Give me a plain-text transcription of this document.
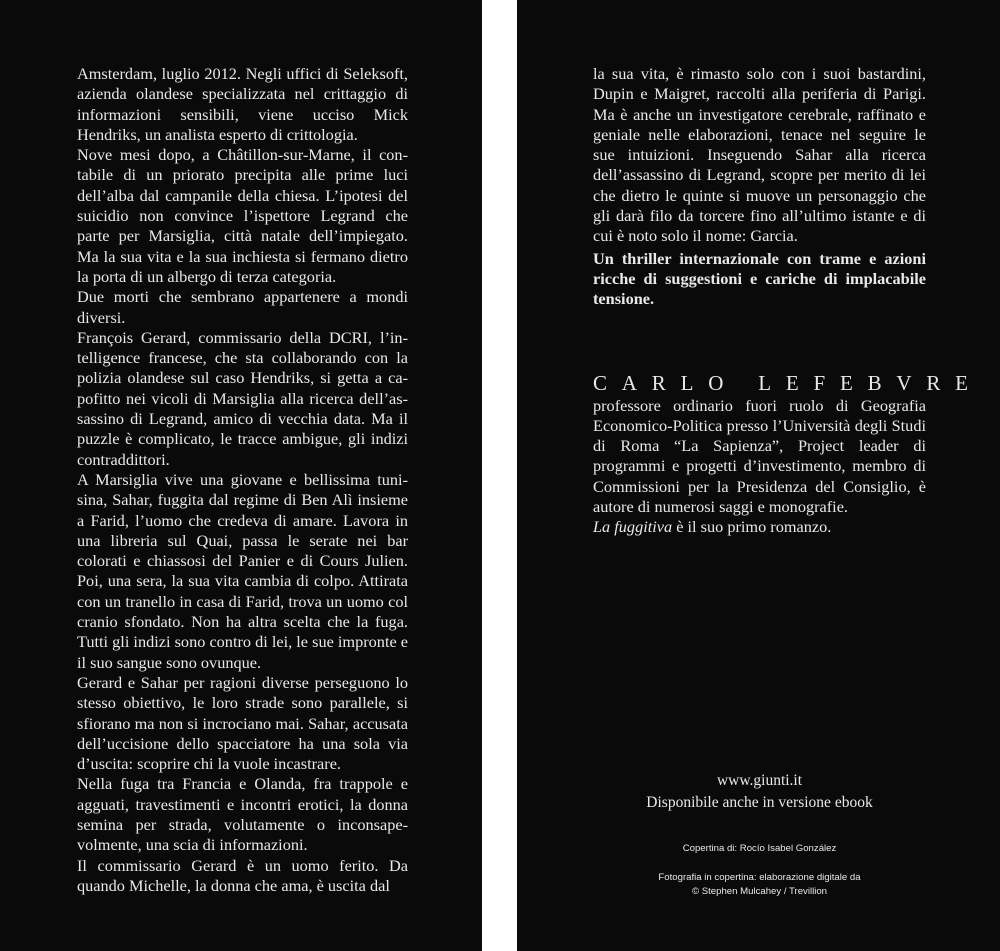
Amsterdam, luglio 2012. Negli uffici di Seleksoft, azienda olandese specializzata nel crittaggio di informazioni sensibili, viene ucciso Mick Hendriks, un analista esperto di crittologia.

Nove mesi dopo, a Châtillon-sur-Marne, il contabile di un priorato precipita alle prime luci dell’alba dal campanile della chiesa. L’ipotesi del suicidio non convince l’ispettore Legrand che parte per Marsiglia, città natale dell’impiegato. Ma la sua vita e la sua inchiesta si fermano dietro la porta di un albergo di terza categoria.

Due morti che sembrano appartenere a mondi diversi.

François Gerard, commissario della DCRI, l’intelligence francese, che sta collaborando con la polizia olandese sul caso Hendriks, si getta a capofitto nei vicoli di Marsiglia alla ricerca dell’assassino di Legrand, amico di vecchia data. Ma il puzzle è complicato, le tracce ambigue, gli indizi contraddittori.

A Marsiglia vive una giovane e bellissima tunisina, Sahar, fuggita dal regime di Ben Alì insieme a Farid, l’uomo che credeva di amare. Lavora in una libreria sul Quai, passa le serate nei bar colorati e chiassosi del Panier e di Cours Julien. Poi, una sera, la sua vita cambia di colpo. Attirata con un tranello in casa di Farid, trova un uomo col cranio sfondato. Non ha altra scelta che la fuga. Tutti gli indizi sono contro di lei, le sue impronte e il suo sangue sono ovunque.

Gerard e Sahar per ragioni diverse perseguono lo stesso obiettivo, le loro strade sono parallele, si sfiorano ma non si incrociano mai. Sahar, accusata dell’uccisione dello spacciatore ha una sola via d’uscita: scoprire chi la vuole incastrare.

Nella fuga tra Francia e Olanda, fra trappole e agguati, travestimenti e incontri erotici, la donna semina per strada, volutamente o inconsapevolmente, una scia di informazioni.

Il commissario Gerard è un uomo ferito. Da quando Michelle, la donna che ama, è uscita dal

la sua vita, è rimasto solo con i suoi bastardini, Dupin e Maigret, raccolti alla periferia di Parigi. Ma è anche un investigatore cerebrale, raffinato e geniale nelle elaborazioni, tenace nel seguire le sue intuizioni. Inseguendo Sahar alla ricerca dell’assassino di Legrand, scopre per merito di lei che dietro le quinte si muove un personaggio che gli darà filo da torcere fino all’ultimo istante e di cui è noto solo il nome: Garcia.

Un thriller internazionale con trame e azioni ricche di suggestioni e cariche di implacabile tensione.

CARLO LEFEBVRE

professore ordinario fuori ruolo di Geografia Economico-Politica presso l’Università degli Studi di Roma “La Sapienza”, Project leader di programmi e progetti d’investimento, membro di Commissioni per la Presidenza del Consiglio, è autore di numerosi saggi e monografie.

La fuggitiva è il suo primo romanzo.

www.giunti.it
Disponibile anche in versione ebook
Copertina di: Rocío Isabel González
Fotografia in copertina: elaborazione digitale da
© Stephen Mulcahey / Trevillion
